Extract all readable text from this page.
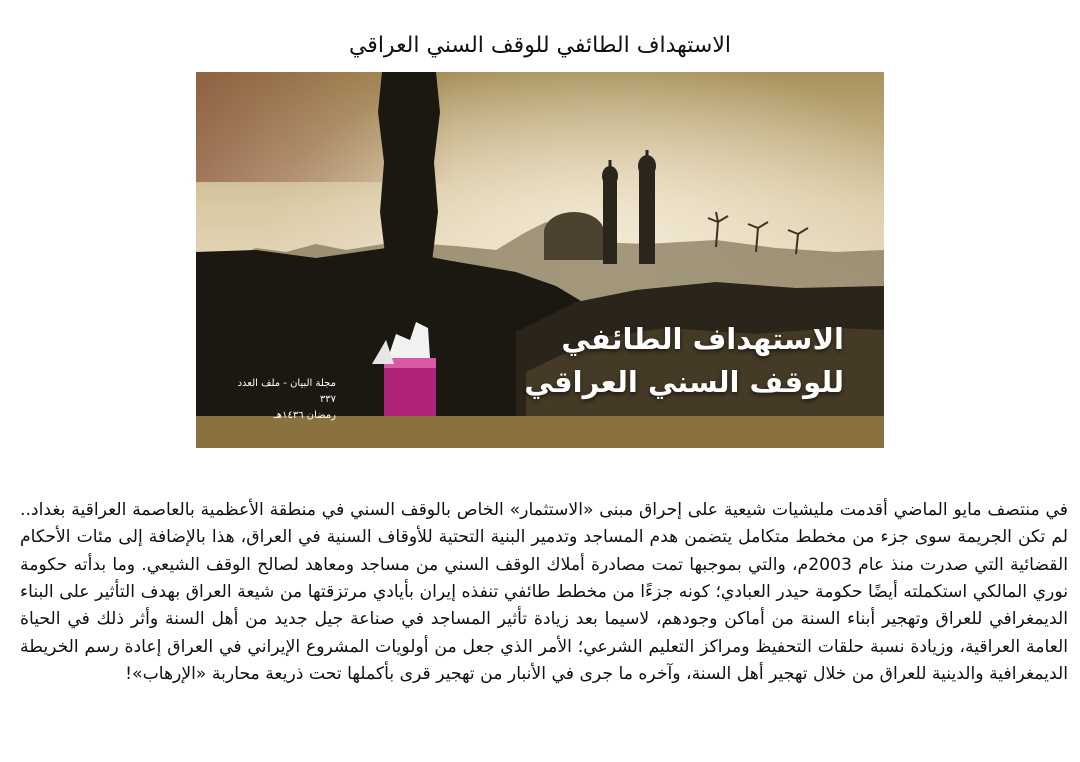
الاستهداف الطائفي للوقف السني العراقي
الاستهداف الطائفي
للوقف السني العراقي
مجلة البيان - ملف العدد ٣٣٧
رمضان ١٤٣٦هـ

في منتصف مايو الماضي أقدمت مليشيات شيعية على إحراق مبنى «الاستثمار» الخاص بالوقف السني في منطقة الأعظمية بالعاصمة العراقية بغداد.. لم تكن الجريمة سوى جزء من مخطط متكامل يتضمن هدم المساجد وتدمير البنية التحتية للأوقاف السنية في العراق، هذا بالإضافة إلى مئات الأحكام القضائية التي صدرت منذ عام 2003م، والتي بموجبها تمت مصادرة أملاك الوقف السني من مساجد ومعاهد لصالح الوقف الشيعي. وما بدأته حكومة نوري المالكي استكملته أيضًا حكومة حيدر العبادي؛ كونه جزءًا من مخطط طائفي تنفذه إيران بأيادي مرتزقتها من شيعة العراق بهدف التأثير على البناء الديمغرافي للعراق وتهجير أبناء السنة من أماكن وجودهم، لاسيما بعد زيادة تأثير المساجد في صناعة جيل جديد من أهل السنة وأثر ذلك في الحياة العامة العراقية، وزيادة نسبة حلقات التحفيظ ومراكز التعليم الشرعي؛ الأمر الذي جعل من أولويات المشروع الإيراني في العراق إعادة رسم الخريطة الديمغرافية والدينية للعراق من خلال تهجير أهل السنة، وآخره ما جرى في الأنبار من تهجير قرى بأكملها تحت ذريعة محاربة «الإرهاب»!
